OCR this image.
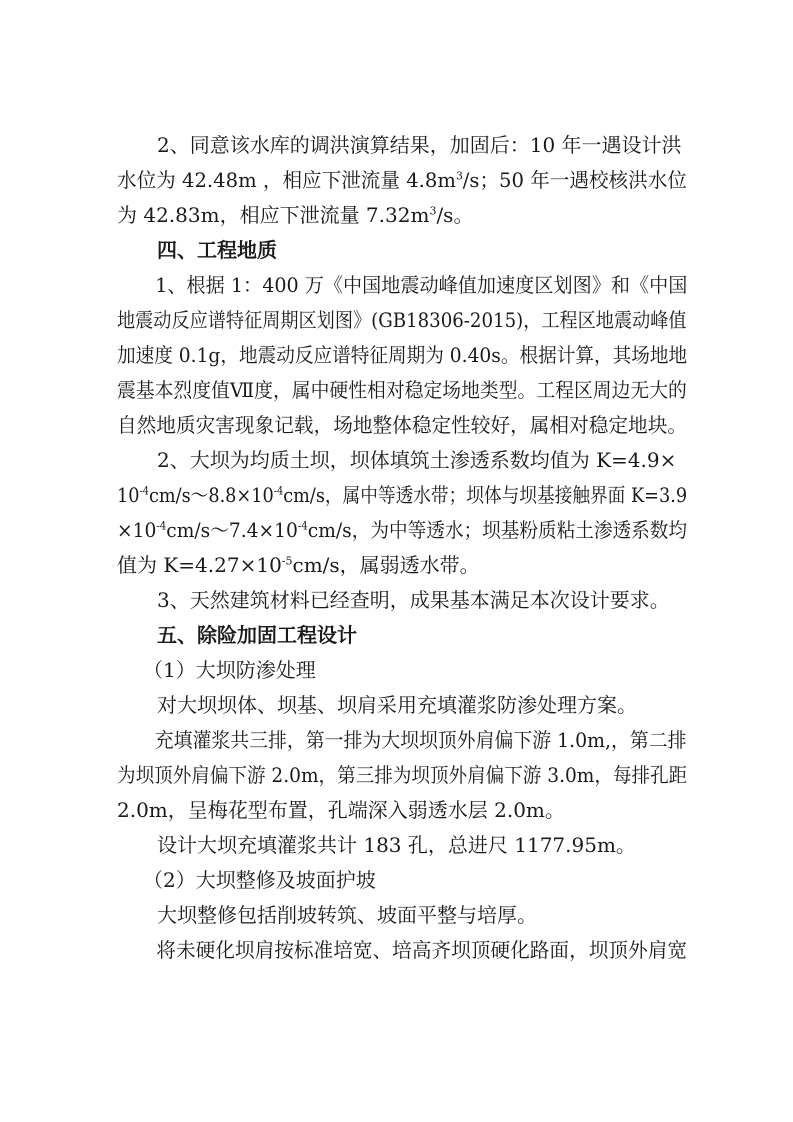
2、同意该水库的调洪演算结果，加固后：10 年一遇设计洪
水位为 42.48m ，相应下泄流量 $4.8m^3/s$；50 年一遇校核洪水位
为 42.83m，相应下泄流量 $7.32m^3/s$。
四、工程地质
1、根据 1：400 万《中国地震动峰值加速度区划图》和《中国
地震动反应谱特征周期区划图》(GB18306-2015)，工程区地震动峰值
加速度 0.1g，地震动反应谱特征周期为 0.40s。根据计算，其场地地
震基本烈度值Ⅶ度，属中硬性相对稳定场地类型。工程区周边无大的
自然地质灾害现象记载，场地整体稳定性较好，属相对稳定地块。
2、大坝为均质土坝，坝体填筑土渗透系数均值为 K=4.9×
$10^{-4}cm/s\sim 8.8\times 10^{-4}cm/s$，属中等透水带；坝体与坝基接触界面 K=3.9
$\times 10^{-4}cm/s\sim 7.4\times 10^{-4}cm/s$，为中等透水；坝基粉质粘土渗透系数均
值为 $K=4.27\times 10^{-5}cm/s$，属弱透水带。
3、天然建筑材料已经查明，成果基本满足本次设计要求。
五、除险加固工程设计
（1）大坝防渗处理
对大坝坝体、坝基、坝肩采用充填灌浆防渗处理方案。
充填灌浆共三排，第一排为大坝坝顶外肩偏下游 1.0m,，第二排
为坝顶外肩偏下游 2.0m，第三排为坝顶外肩偏下游 3.0m，每排孔距
2.0m，呈梅花型布置，孔端深入弱透水层 2.0m。
设计大坝充填灌浆共计 183 孔，总进尺 1177.95m。
（2）大坝整修及坡面护坡
大坝整修包括削坡转筑、坡面平整与培厚。
将未硬化坝肩按标准培宽、培高齐坝顶硬化路面，坝顶外肩宽
